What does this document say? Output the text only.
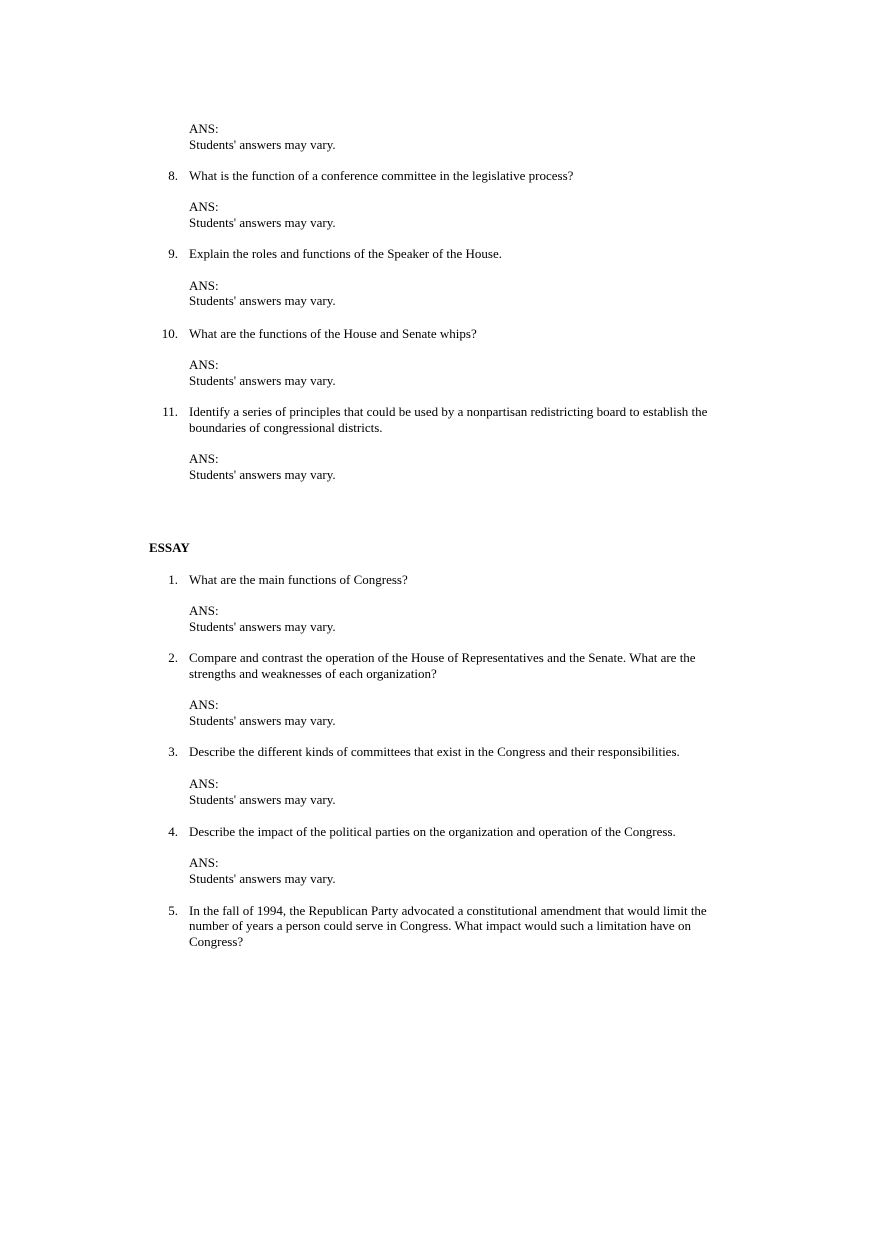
ANS:
Students' answers may vary.
8. What is the function of a conference committee in the legislative process?
ANS:
Students' answers may vary.
9. Explain the roles and functions of the Speaker of the House.
ANS:
Students' answers may vary.
10. What are the functions of the House and Senate whips?
ANS:
Students' answers may vary.
11. Identify a series of principles that could be used by a nonpartisan redistricting board to establish the
boundaries of congressional districts.
ANS:
Students' answers may vary.
ESSAY
1. What are the main functions of Congress?
ANS:
Students' answers may vary.
2. Compare and contrast the operation of the House of Representatives and the Senate. What are the
strengths and weaknesses of each organization?
ANS:
Students' answers may vary.
3. Describe the different kinds of committees that exist in the Congress and their responsibilities.
ANS:
Students' answers may vary.
4. Describe the impact of the political parties on the organization and operation of the Congress.
ANS:
Students' answers may vary.
5. In the fall of 1994, the Republican Party advocated a constitutional amendment that would limit the
number of years a person could serve in Congress. What impact would such a limitation have on
Congress?
